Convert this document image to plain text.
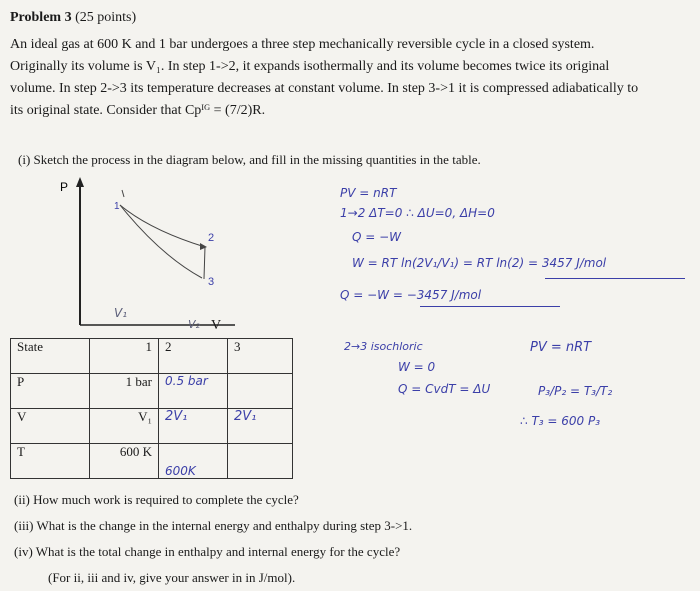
Problem 3 (25 points)
An ideal gas at 600 K and 1 bar undergoes a three step mechanically reversible cycle in a closed system.
Originally its volume is V₁. In step 1->2, it expands isothermally and its volume becomes twice its original
volume. In step 2->3 its temperature decreases at constant volume. In step 3->1 it is compressed adiabatically to
its original state. Consider that Cpᴵᴳ = (7/2)R.
(i) Sketch the process in the diagram below, and fill in the missing quantities in the table.
P
1
2
3
V₁
V₂ V
State	1	2	3
P	1 bar	0.5 bar	
V	V₁	2V₁	2V₁
T	600 K	600K	
PV = nRT
1→2 ΔT=0 ∴ ΔU=0, ΔH=0
Q = −W
W = RT ln(2V₁/V₁) = RT ln(2) = 3457 J/mol
Q = −W = −3457 J/mol
2→3 isochloric
W = 0
Q = CvdT = ΔU
PV = nRT
P₃/P₂ = T₃/T₂
∴ T₃ = 600 P₃
(ii) How much work is required to complete the cycle?
(iii) What is the change in the internal energy and enthalpy during step 3->1.
(iv) What is the total change in enthalpy and internal energy for the cycle?
(For ii, iii and iv, give your answer in in J/mol).
